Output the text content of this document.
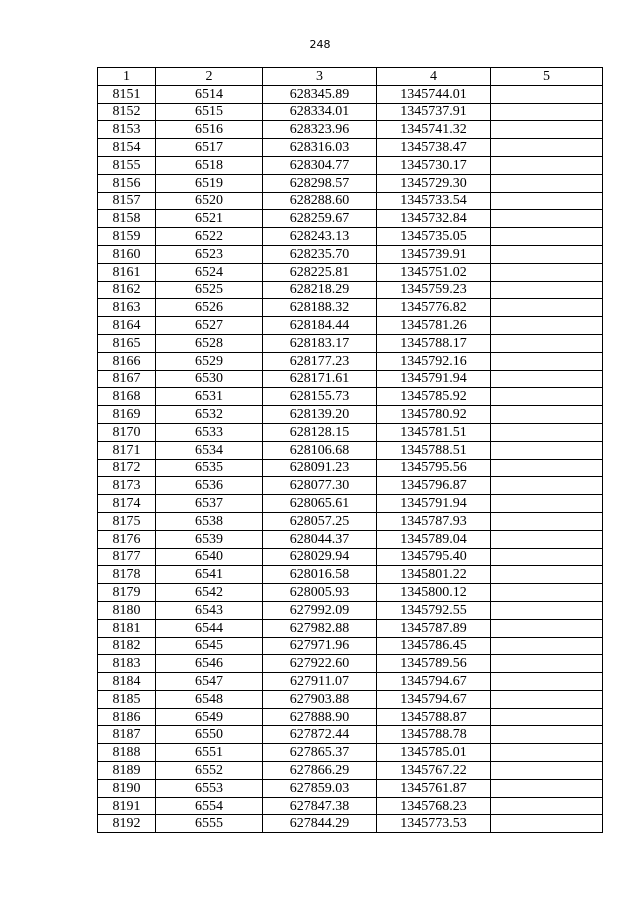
248
1	2	3	4	5
8151	6514	628345.89	1345744.01	
8152	6515	628334.01	1345737.91	
8153	6516	628323.96	1345741.32	
8154	6517	628316.03	1345738.47	
8155	6518	628304.77	1345730.17	
8156	6519	628298.57	1345729.30	
8157	6520	628288.60	1345733.54	
8158	6521	628259.67	1345732.84	
8159	6522	628243.13	1345735.05	
8160	6523	628235.70	1345739.91	
8161	6524	628225.81	1345751.02	
8162	6525	628218.29	1345759.23	
8163	6526	628188.32	1345776.82	
8164	6527	628184.44	1345781.26	
8165	6528	628183.17	1345788.17	
8166	6529	628177.23	1345792.16	
8167	6530	628171.61	1345791.94	
8168	6531	628155.73	1345785.92	
8169	6532	628139.20	1345780.92	
8170	6533	628128.15	1345781.51	
8171	6534	628106.68	1345788.51	
8172	6535	628091.23	1345795.56	
8173	6536	628077.30	1345796.87	
8174	6537	628065.61	1345791.94	
8175	6538	628057.25	1345787.93	
8176	6539	628044.37	1345789.04	
8177	6540	628029.94	1345795.40	
8178	6541	628016.58	1345801.22	
8179	6542	628005.93	1345800.12	
8180	6543	627992.09	1345792.55	
8181	6544	627982.88	1345787.89	
8182	6545	627971.96	1345786.45	
8183	6546	627922.60	1345789.56	
8184	6547	627911.07	1345794.67	
8185	6548	627903.88	1345794.67	
8186	6549	627888.90	1345788.87	
8187	6550	627872.44	1345788.78	
8188	6551	627865.37	1345785.01	
8189	6552	627866.29	1345767.22	
8190	6553	627859.03	1345761.87	
8191	6554	627847.38	1345768.23	
8192	6555	627844.29	1345773.53	
